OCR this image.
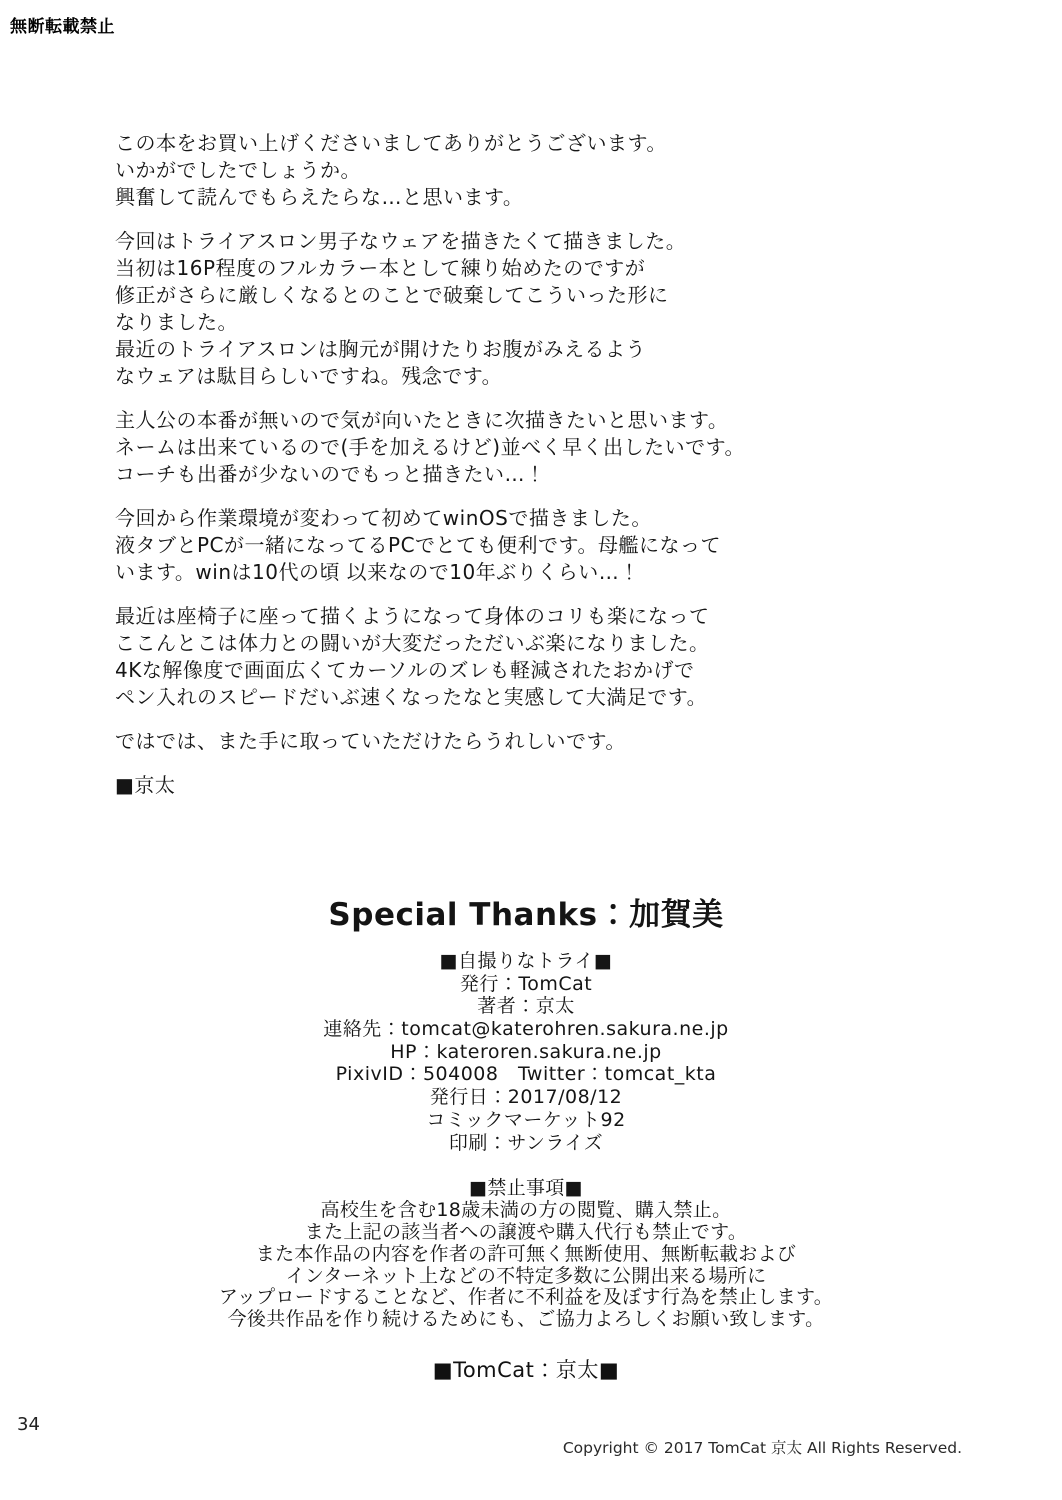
無断転載禁止
この本をお買い上げくださいましてありがとうございます。
いかがでしたでしょうか。
興奮して読んでもらえたらな…と思います。
今回はトライアスロン男子なウェアを描きたくて描きました。
当初は16P程度のフルカラー本として練り始めたのですが
修正がさらに厳しくなるとのことで破棄してこういった形に
なりました。
最近のトライアスロンは胸元が開けたりお腹がみえるよう
なウェアは駄目らしいですね。残念です。
主人公の本番が無いので気が向いたときに次描きたいと思います。
ネームは出来ているので(手を加えるけど)並べく早く出したいです。
コーチも出番が少ないのでもっと描きたい…！
今回から作業環境が変わって初めてwinOSで描きました。
液タブとPCが一緒になってるPCでとても便利です。母艦になって
います。winは10代の頃 以来なので10年ぶりくらい…！
最近は座椅子に座って描くようになって身体のコリも楽になって
ここんとこは体力との闘いが大変だっただいぶ楽になりました。
4Kな解像度で画面広くてカーソルのズレも軽減されたおかげで
ペン入れのスピードだいぶ速くなったなと実感して大満足です。
ではでは、また手に取っていただけたらうれしいです。
■京太
Special Thanks：加賀美
■自撮りなトライ■
発行：TomCat
著者：京太
連絡先：tomcat@katerohren.sakura.ne.jp
HP：kateroren.sakura.ne.jp
PixivID：504008　Twitter：tomcat_kta
発行日：2017/08/12
コミックマーケット92
印刷：サンライズ
■禁止事項■
高校生を含む18歳未満の方の閲覧、購入禁止。
また上記の該当者への譲渡や購入代行も禁止です。
また本作品の内容を作者の許可無く無断使用、無断転載および
インターネット上などの不特定多数に公開出来る場所に
アップロードすることなど、作者に不利益を及ぼす行為を禁止します。
今後共作品を作り続けるためにも、ご協力よろしくお願い致します。
■TomCat：京太■
34
Copyright © 2017 TomCat 京太 All Rights Reserved.
